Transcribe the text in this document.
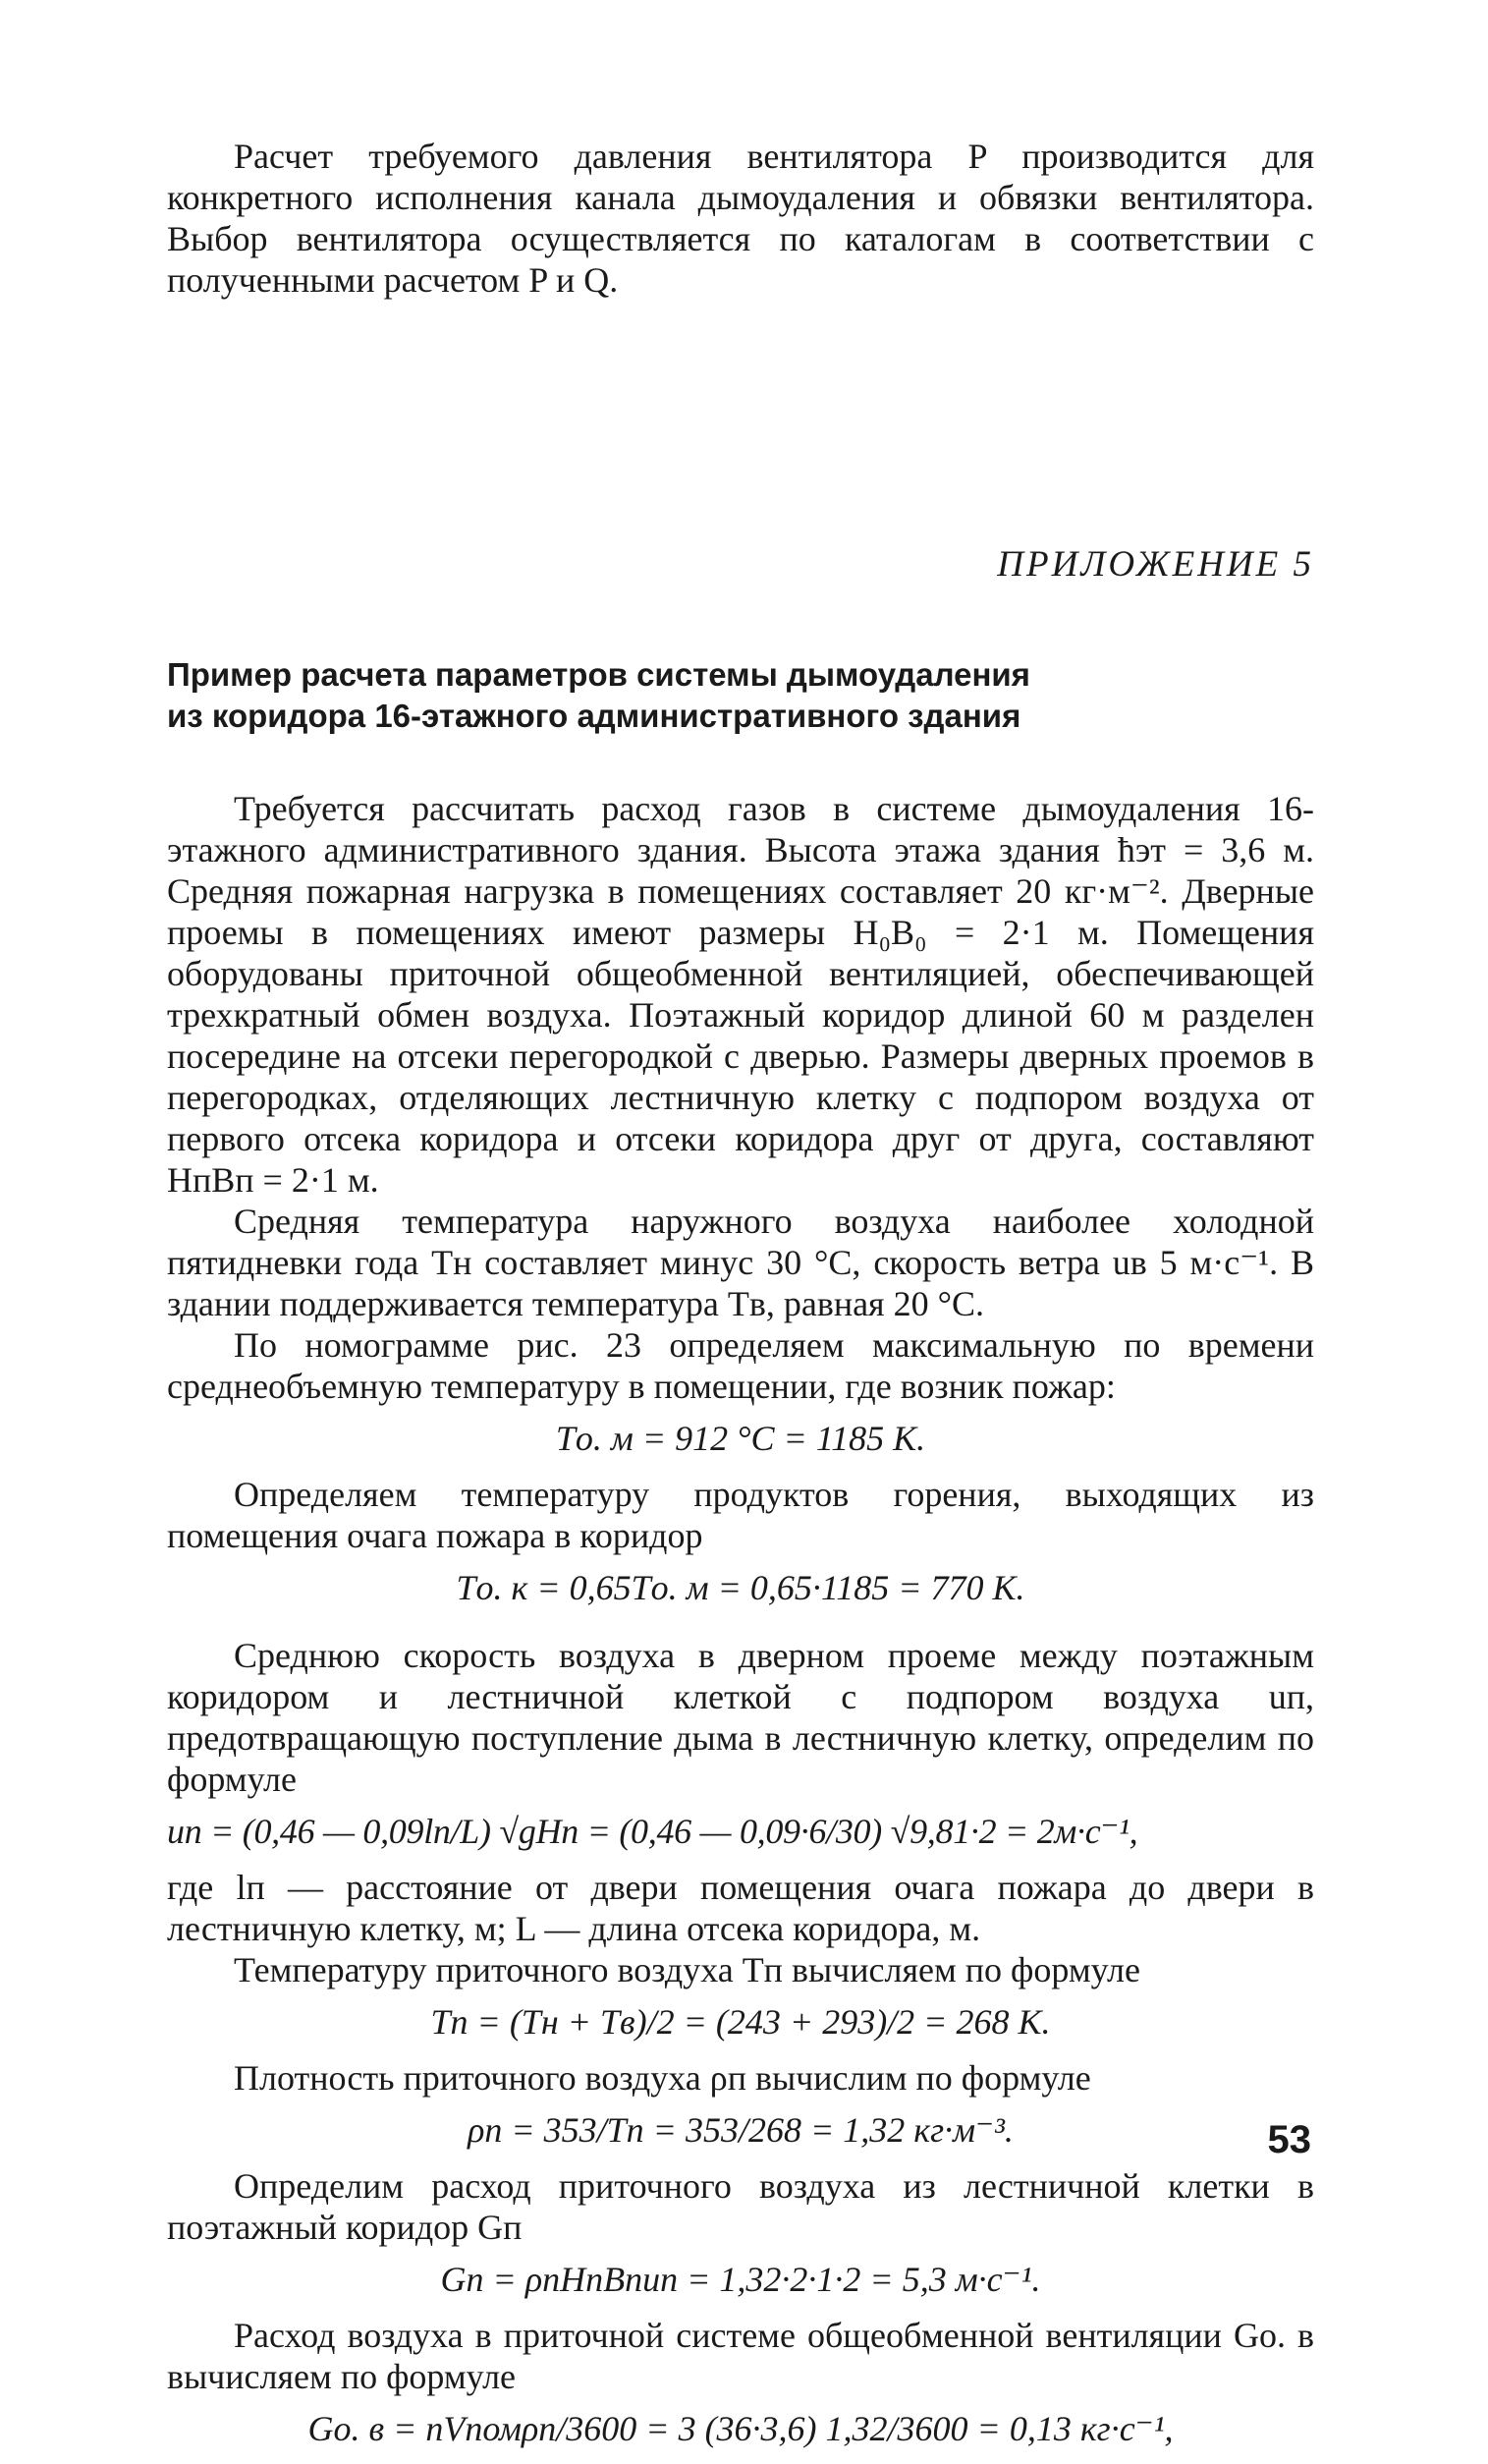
Расчет требуемого давления вентилятора P производится для конкретного исполнения канала дымоудаления и обвязки вентилятора. Выбор вентилятора осуществляется по каталогам в соответствии с полученными расчетом P и Q.

ПРИЛОЖЕНИЕ 5
Пример расчета параметров системы дымоудаления
из коридора 16-этажного административного здания

Требуется рассчитать расход газов в системе дымоудаления 16-этажного административного здания. Высота этажа здания ħэт = 3,6 м. Средняя пожарная нагрузка в помещениях составляет 20 кг·м⁻². Дверные проемы в помещениях имеют размеры H₀B₀ = 2·1 м. Помещения оборудованы приточной общеобменной вентиляцией, обеспечивающей трехкратный обмен воздуха. Поэтажный коридор длиной 60 м разделен посередине на отсеки перегородкой с дверью. Размеры дверных проемов в перегородках, отделяющих лестничную клетку с подпором воздуха от первого отсека коридора и отсеки коридора друг от друга, составляют HпBп = 2·1 м.

Средняя температура наружного воздуха наиболее холодной пятидневки года Tн составляет минус 30 °C, скорость ветра uв 5 м·с⁻¹. В здании поддерживается температура Tв, равная 20 °C.

По номограмме рис. 23 определяем максимальную по времени среднеобъемную температуру в помещении, где возник пожар:

Tо. м = 912 °C = 1185 K.

Определяем температуру продуктов горения, выходящих из помещения очага пожара в коридор

Tо. к = 0,65Tо. м = 0,65·1185 = 770 K.

Среднюю скорость воздуха в дверном проеме между поэтажным коридором и лестничной клеткой с подпором воздуха uп, предотвращающую поступление дыма в лестничную клетку, определим по формуле

uп = (0,46 — 0,09lп/L) √gHп = (0,46 — 0,09·6/30) √9,81·2 = 2м·с⁻¹,

где lп — расстояние от двери помещения очага пожара до двери в лестничную клетку, м; L — длина отсека коридора, м.

Температуру приточного воздуха Tп вычисляем по формуле

Tп = (Tн + Tв)/2 = (243 + 293)/2 = 268 K.

Плотность приточного воздуха ρп вычислим по формуле

ρп = 353/Tп = 353/268 = 1,32 кг·м⁻³.

Определим расход приточного воздуха из лестничной клетки в поэтажный коридор Gп

Gп = ρпHпBпuп = 1,32·2·1·2 = 5,3 м·с⁻¹.

Расход воздуха в приточной системе общеобменной вентиляции Gо. в вычисляем по формуле

Gо. в = nVпомρп/3600 = 3 (36·3,6) 1,32/3600 = 0,13 кг·с⁻¹,
53
